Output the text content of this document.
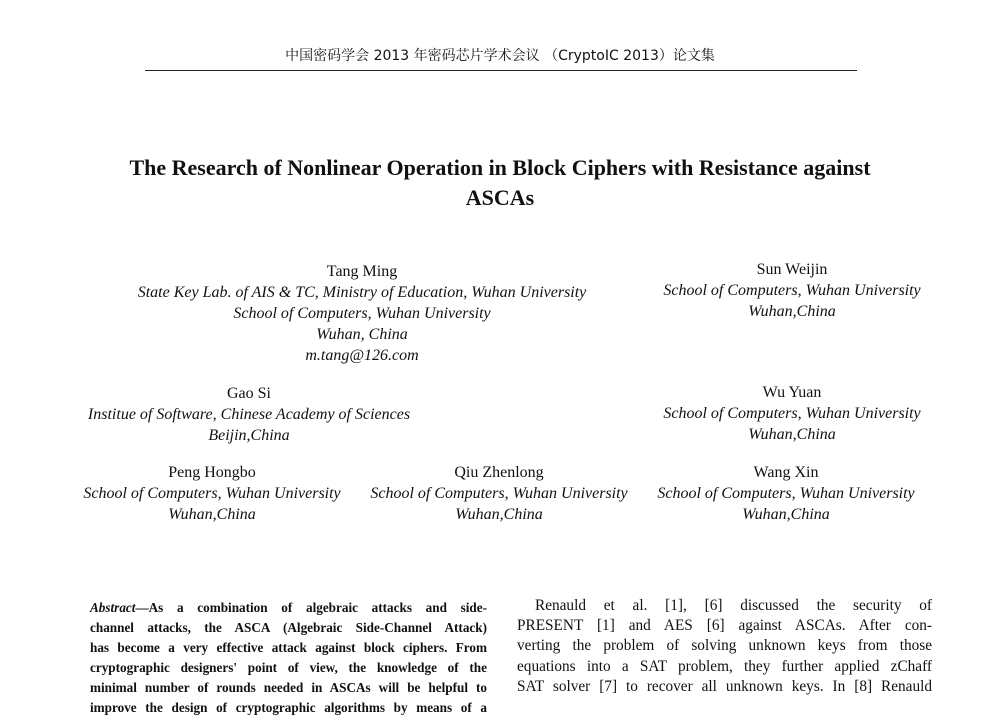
中国密码学会 2013 年密码芯片学术会议 （CryptoIC 2013）论文集
The Research of Nonlinear Operation in Block Ciphers with Resistance against
ASCAs
Tang Ming
State Key Lab. of AIS & TC, Ministry of Education, Wuhan University
School of Computers, Wuhan University
Wuhan, China
m.tang@126.com
Sun Weijin
School of Computers, Wuhan University
Wuhan,China
Gao Si
Institue of Software, Chinese Academy of Sciences
Beijin,China
Wu Yuan
School of Computers, Wuhan University
Wuhan,China
Peng Hongbo
School of Computers, Wuhan University
Wuhan,China
Qiu Zhenlong
School of Computers, Wuhan University
Wuhan,China
Wang Xin
School of Computers, Wuhan University
Wuhan,China
Abstract—As a combination of algebraic attacks and side-
channel attacks, the ASCA (Algebraic Side-Channel Attack)
has become a very effective attack against block ciphers. From
cryptographic designers' point of view, the knowledge of the
minimal number of rounds needed in ASCAs will be helpful to
improve the design of cryptographic algorithms by means of a
Renauld et al. [1], [6] discussed the security of
PRESENT [1] and AES [6] against ASCAs. After con-
verting the problem of solving unknown keys from those
equations into a SAT problem, they further applied zChaff
SAT solver [7] to recover all unknown keys. In [8] Renauld
